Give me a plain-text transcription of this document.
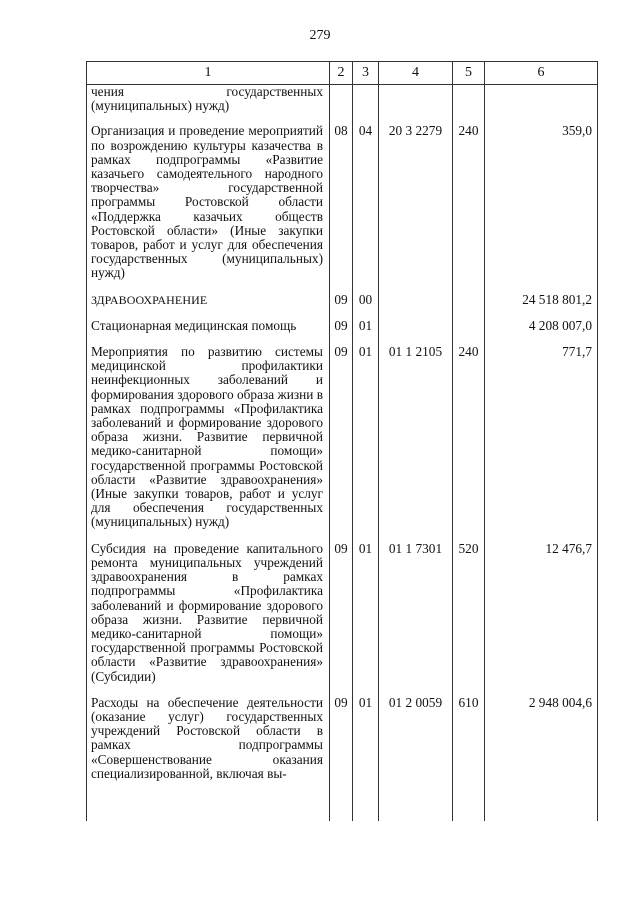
279
1	2	3	4	5	6
чения государственных (муниципальных) нужд)					
Организация и проведение мероприятий по возрождению культуры казачества в рамках подпрограммы «Развитие казачьего самодеятельного народного творчества» государственной программы Ростовской области «Поддержка казачьих обществ Ростовской области» (Иные закупки товаров, работ и услуг для обеспечения государственных (муниципальных) нужд)	08	04	20 3 2279	240	359,0
ЗДРАВООХРАНЕНИЕ	09	00			24 518 801,2
Стационарная медицинская помощь	09	01			4 208 007,0
Мероприятия по развитию системы медицинской профилактики неинфекционных заболеваний и формирования здорового образа жизни в рамках подпрограммы «Профилактика заболеваний и формирование здорового образа жизни. Развитие первичной медико-санитарной помощи» государственной программы Ростовской области «Развитие здравоохранения» (Иные закупки товаров, работ и услуг для обеспечения государственных (муниципальных) нужд)	09	01	01 1 2105	240	771,7
Субсидия на проведение капитального ремонта муниципальных учреждений здравоохранения в рамках подпрограммы «Профилактика заболеваний и формирование здорового образа жизни. Развитие первичной медико-санитарной помощи» государственной программы Ростовской области «Развитие здравоохранения» (Субсидии)	09	01	01 1 7301	520	12 476,7
Расходы на обеспечение деятельности (оказание услуг) государственных учреждений Ростовской области в рамках подпрограммы «Совершенствование оказания специализированной, включая вы-	09	01	01 2 0059	610	2 948 004,6
